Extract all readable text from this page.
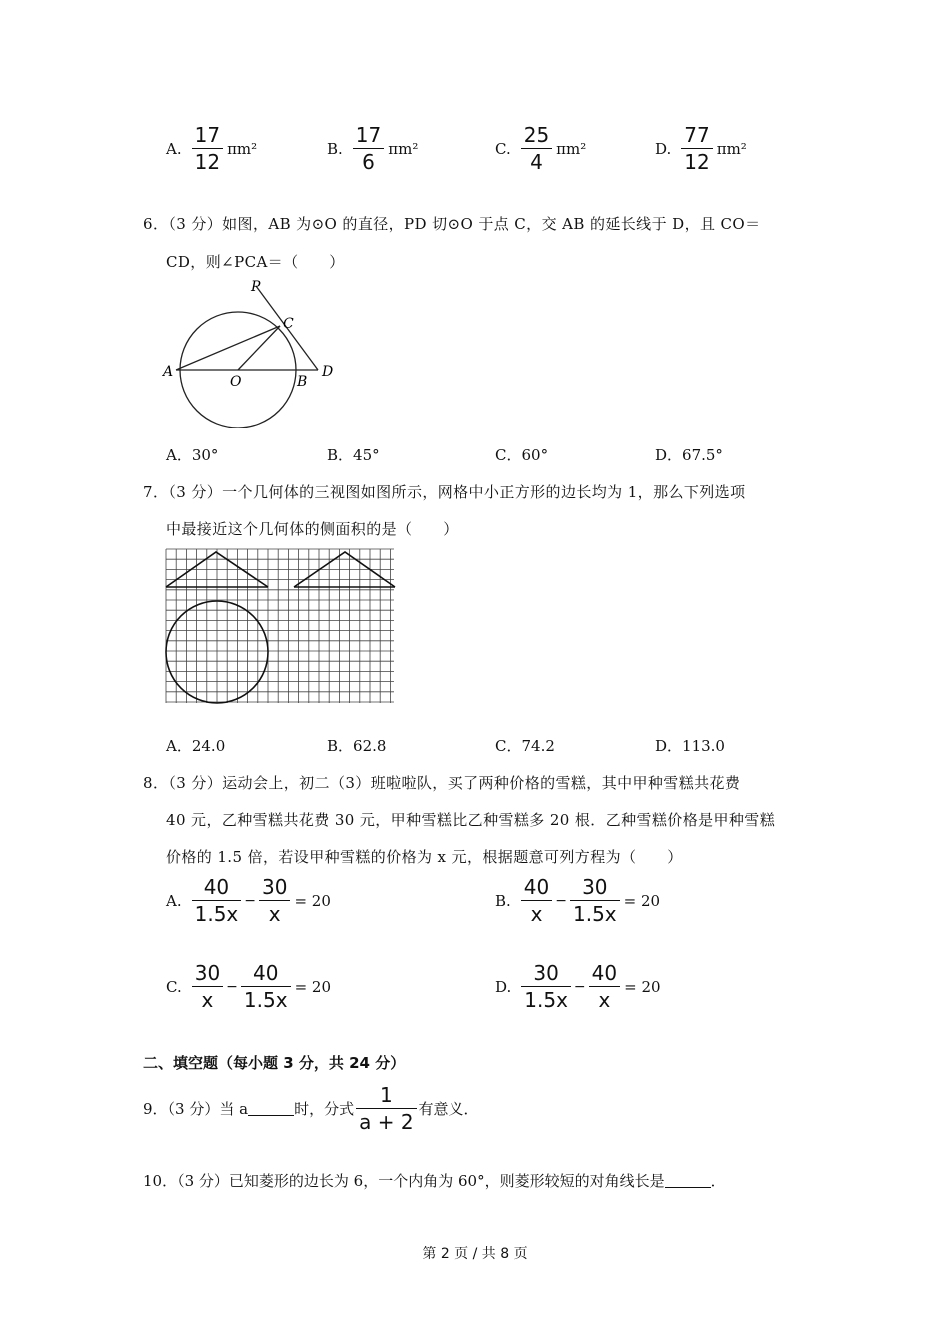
A. $\frac{17}{12} \pi m^2$	B. $\frac{17}{6} \pi m^2$	C. $\frac{25}{4} \pi m^2$	D. $\frac{77}{12} \pi m^2$
6．（3 分）如图，AB 为⊙O 的直径，PD 切⊙O 于点 C，交 AB 的延长线于 D，且 CO＝
CD，则∠PCA＝（　　）
P
C
A
O	B
D
A．30°	B．45°	C．60°	D．67.5°
7．（3 分）一个几何体的三视图如图所示，网格中小正方形的边长均为 1，那么下列选项
中最接近这个几何体的侧面积的是（　　）
A．24.0	B．62.8	C．74.2	D．113.0
8．（3 分）运动会上，初二（3）班啦啦队，买了两种价格的雪糕，其中甲种雪糕共花费
40 元，乙种雪糕共花费 30 元，甲种雪糕比乙种雪糕多 20 根．乙种雪糕价格是甲种雪糕
价格的 1.5 倍，若设甲种雪糕的价格为 x 元，根据题意可列方程为（　　）
A. $\frac{40}{1.5x} - \frac{30}{x} = 20$	B. $\frac{40}{x} - \frac{30}{1.5x} = 20$
C. $\frac{30}{x} - \frac{40}{1.5x} = 20$	D. $\frac{30}{1.5x} - \frac{40}{x} = 20$
二、填空题（每小题 3 分，共 24 分）
9．（3 分）当 a	时，分式 $\frac{1}{a + 2}$ 有意义．
10．（3 分）已知菱形的边长为 6，一个内角为 60°，则菱形较短的对角线长是	．
第 2 页 / 共 8 页
